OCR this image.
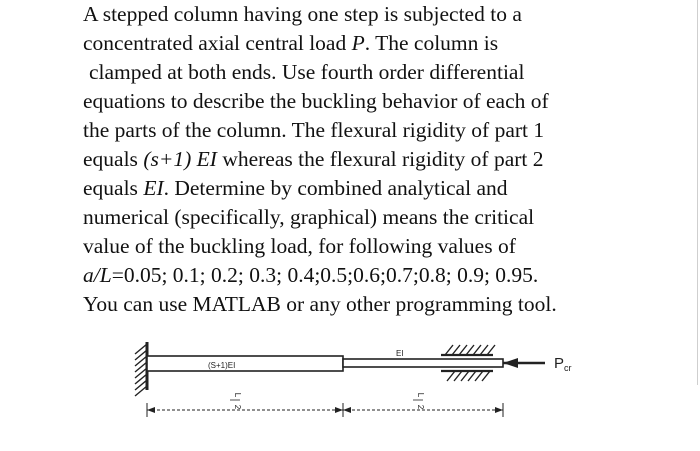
A stepped column having one step is subjected to a
concentrated axial central load P. The column is
clamped at both ends. Use fourth order differential
equations to describe the buckling behavior of each of
the parts of the column. The flexural rigidity of part 1
equals (s+1) EI whereas the flexural rigidity of part 2
equals EI. Determine by combined analytical and
numerical (specifically, graphical) means the critical
value of the buckling load, for following values of
a/L=0.05; 0.1; 0.2; 0.3; 0.4;0.5;0.6;0.7;0.8; 0.9; 0.95.
You can use MATLAB or any other programming tool.
(S+1)EI
EI
$P_{cr}$
L
2
L
2
